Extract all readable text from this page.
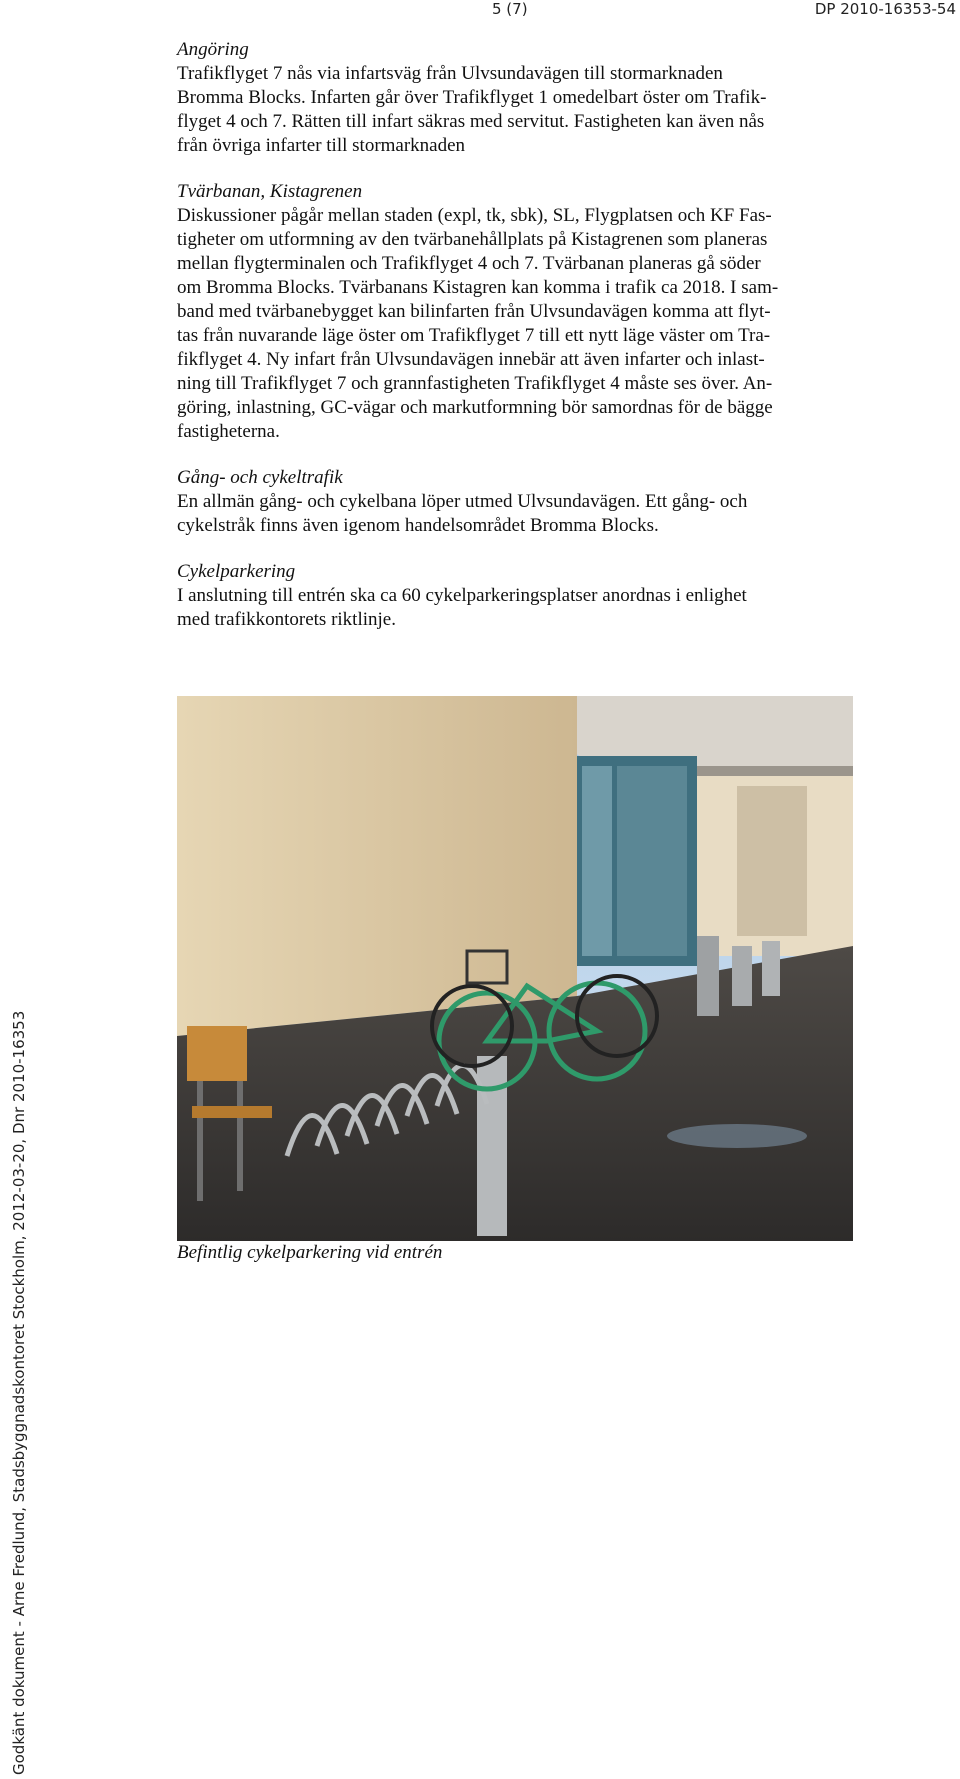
5 (7)	DP 2010-16353-54

Angöring

Trafikflyget 7 nås via infartsväg från Ulvsundavägen till stormarknaden

Bromma Blocks. Infarten går över Trafikflyget 1 omedelbart öster om Trafik-

flyget 4 och 7. Rätten till infart säkras med servitut. Fastigheten kan även nås

från övriga infarter till stormarknaden

Tvärbanan, Kistagrenen

Diskussioner pågår mellan staden (expl, tk, sbk), SL, Flygplatsen och KF Fas-

tigheter om utformning av den tvärbanehållplats på Kistagrenen som planeras

mellan flygterminalen och Trafikflyget 4 och 7. Tvärbanan planeras gå söder

om Bromma Blocks. Tvärbanans Kistagren kan komma i trafik ca 2018. I sam-

band med tvärbanebygget kan bilinfarten från Ulvsundavägen komma att flyt-

tas från nuvarande läge öster om Trafikflyget 7 till ett nytt läge väster om Tra-

fikflyget 4. Ny infart från Ulvsundavägen innebär att även infarter och inlast-

ning till Trafikflyget 7 och grannfastigheten Trafikflyget 4 måste ses över. An-

göring, inlastning, GC-vägar och markutformning bör samordnas för de bägge

fastigheterna.

Gång- och cykeltrafik

En allmän gång- och cykelbana löper utmed Ulvsundavägen. Ett gång- och

cykelstråk finns även igenom handelsområdet Bromma Blocks.

Cykelparkering

I anslutning till entrén ska ca 60 cykelparkeringsplatser anordnas i enlighet

med trafikkontorets riktlinje.

Befintlig cykelparkering vid entrén
Godkänt dokument - Arne Fredlund, Stadsbyggnadskontoret Stockholm, 2012-03-20, Dnr 2010-16353
